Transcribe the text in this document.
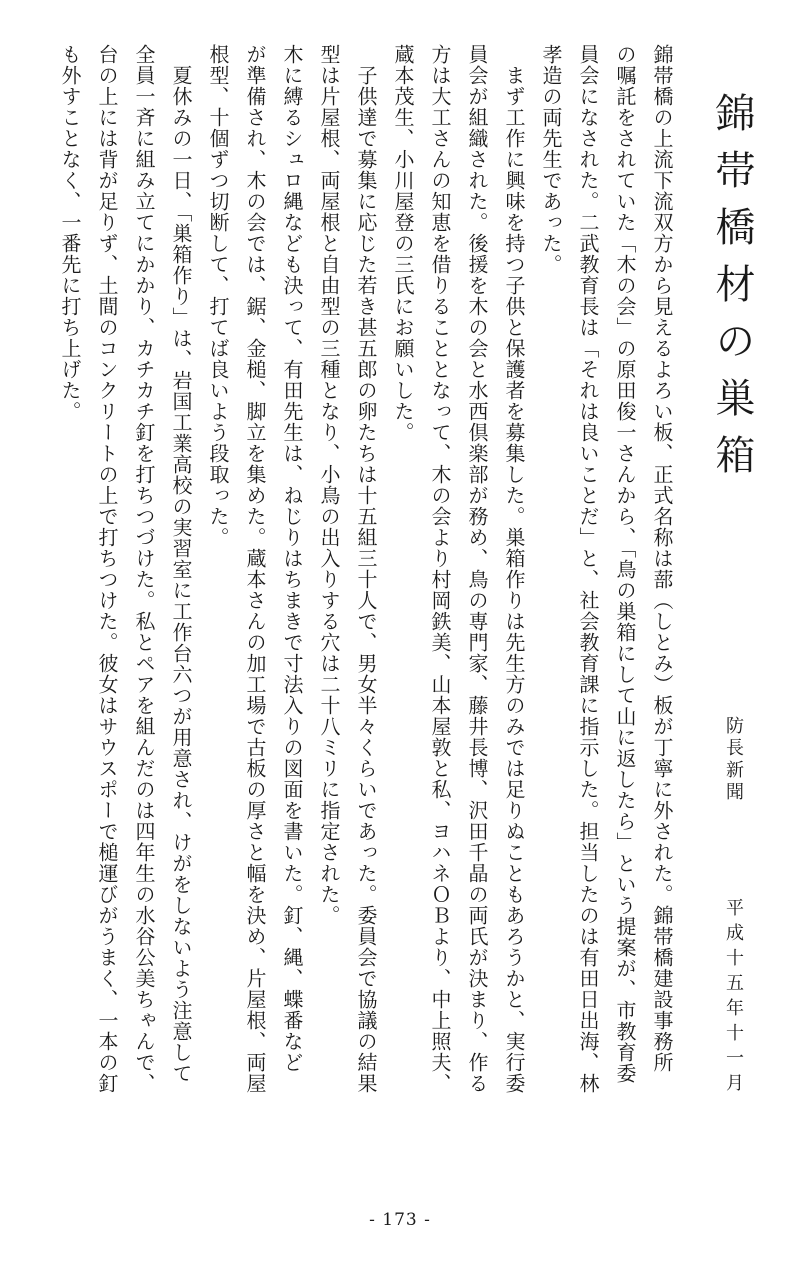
錦帯橋材の巣箱
防長新聞
平成十五年十一月

錦帯橋の上流下流双方から見えるよろい板、正式名称は蔀（しとみ）板が丁寧に外された。錦帯橋建設事務所

の嘱託をされていた「木の会」の原田俊一さんから、「鳥の巣箱にして山に返したら」という提案が、市教育委

員会になされた。二武教育長は「それは良いことだ」と、社会教育課に指示した。担当したのは有田日出海、林

孝造の両先生であった。

　まず工作に興味を持つ子供と保護者を募集した。巣箱作りは先生方のみでは足りぬこともあろうかと、実行委

員会が組織された。後援を木の会と水西倶楽部が務め、鳥の専門家、藤井長博、沢田千晶の両氏が決まり、作る

方は大工さんの知恵を借りることとなって、木の会より村岡鉄美、山本屋敦と私、ヨハネＯＢより、中上照夫、

蔵本茂生、小川屋登の三氏にお願いした。

　子供達で募集に応じた若き甚五郎の卵たちは十五組三十人で、男女半々くらいであった。委員会で協議の結果

型は片屋根、両屋根と自由型の三種となり、小鳥の出入りする穴は二十八ミリに指定された。

木に縛るシュロ縄なども決って、有田先生は、ねじりはちまきで寸法入りの図面を書いた。釘、縄、蝶番など

が準備され、木の会では、鋸、金槌、脚立を集めた。蔵本さんの加工場で古板の厚さと幅を決め、片屋根、両屋

根型、十個ずつ切断して、打てば良いよう段取った。

　夏休みの一日、「巣箱作り」は、岩国工業高校の実習室に工作台六つが用意され、けがをしないよう注意して

全員一斉に組み立てにかかり、カチカチ釘を打ちつづけた。私とペアを組んだのは四年生の水谷公美ちゃんで、

台の上には背が足りず、土間のコンクリートの上で打ちつけた。彼女はサウスポーで槌運びがうまく、一本の釘

も外すことなく、一番先に打ち上げた。

- 173 -
